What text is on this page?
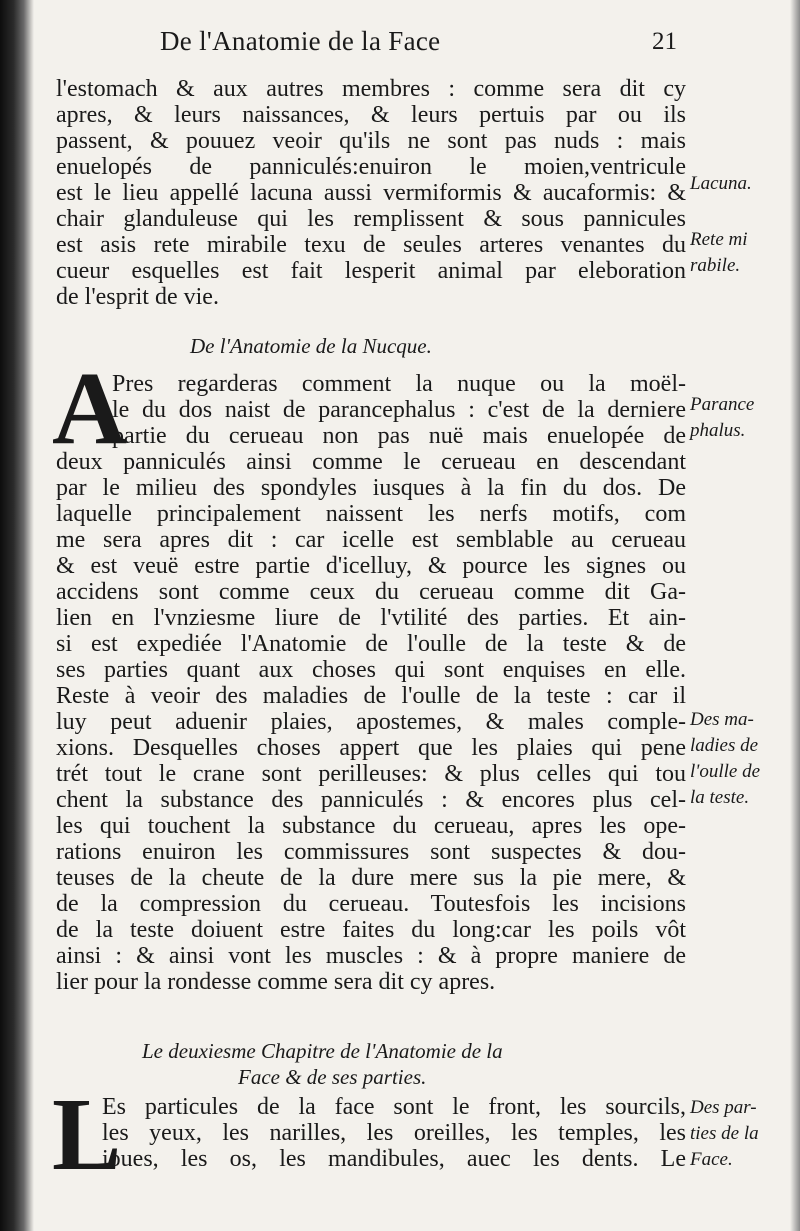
De l'Anatomie de la Face	21
l'estomach & aux autres membres : comme sera dit cy
apres, & leurs naissances, & leurs pertuis par ou ils
passent, & pouuez veoir qu'ils ne sont pas nuds : mais
enuelopés de panniculés:enuiron le moien,ventricule
est le lieu appellé lacuna aussi vermiformis & aucaformis: &
chair glanduleuse qui les remplissent & sous pannicules
est asis rete mirabile texu de seules arteres venantes du
cueur esquelles est fait lesperit animal par eleboration
de l'esprit de vie.
De l'Anatomie de la Nucque.
A
Pres regarderas comment la nuque ou la moël-
le du dos naist de parancephalus : c'est de la derniere
partie du cerueau non pas nuë mais enuelopée de
deux panniculés ainsi comme le cerueau en descendant
par le milieu des spondyles iusques à la fin du dos. De
laquelle principalement naissent les nerfs motifs, com
me sera apres dit : car icelle est semblable au cerueau
& est veuë estre partie d'icelluy, & pource les signes ou
accidens sont comme ceux du cerueau comme dit Ga-
lien en l'vnziesme liure de l'vtilité des parties. Et ain-
si est expediée l'Anatomie de l'oulle de la teste & de
ses parties quant aux choses qui sont enquises en elle.
Reste à veoir des maladies de l'oulle de la teste : car il
luy peut aduenir plaies, apostemes, & males comple-
xions. Desquelles choses appert que les plaies qui pene
trét tout le crane sont perilleuses: & plus celles qui tou
chent la substance des panniculés : & encores plus cel-
les qui touchent la substance du cerueau, apres les ope-
rations enuiron les commissures sont suspectes & dou-
teuses de la cheute de la dure mere sus la pie mere, &
de la compression du cerueau. Toutesfois les incisions
de la teste doiuent estre faites du long:car les poils vôt
ainsi : & ainsi vont les muscles : & à propre maniere de
lier pour la rondesse comme sera dit cy apres.
Le deuxiesme Chapitre de l'Anatomie de la
Face & de ses parties.
L
Es particules de la face sont le front, les sourcils,
les yeux, les narilles, les oreilles, les temples, les
ioues, les os, les mandibules, auec les dents. Le
Lacuna.
Rete mi
rabile.
Parance
phalus.
Des ma-
ladies de
l'oulle de
la teste.
Des par-
ties de la
Face.
